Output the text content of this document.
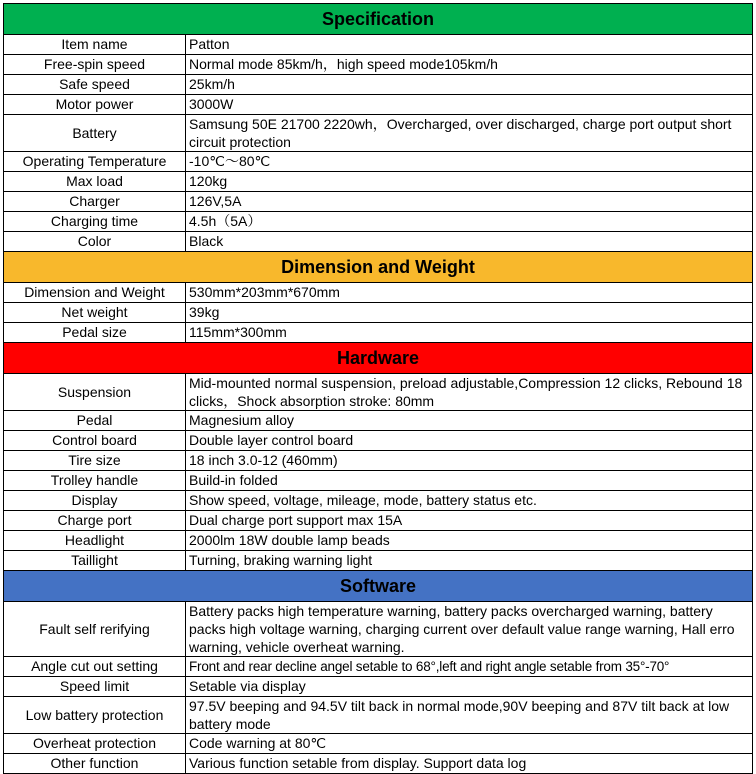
Specification	
Item name	Patton
Free-spin speed	Normal mode 85km/h，high speed mode105km/h
Safe speed	25km/h
Motor power	3000W
Battery	Samsung 50E 21700 2220wh，Overcharged, over discharged, charge port output short circuit protection
Operating Temperature	-10℃～80℃
Max load	120kg
Charger	126V,5A
Charging time	4.5h（5A）
Color	Black
Dimension and Weight	
Dimension and Weight	530mm*203mm*670mm
Net weight	39kg
Pedal size	115mm*300mm
Hardware	
Suspension	Mid-mounted normal suspension, preload adjustable,Compression 12 clicks, Rebound 18 clicks，Shock absorption stroke: 80mm
Pedal	Magnesium alloy
Control board	Double layer control board
Tire size	18 inch 3.0-12 (460mm)
Trolley handle	Build-in folded
Display	Show speed, voltage, mileage, mode, battery status etc.
Charge port	Dual charge port support max 15A
Headlight	2000lm 18W double lamp beads
Taillight	Turning, braking warning light
Software	
Fault self rerifying	Battery packs high temperature warning, battery packs overcharged warning, battery packs high voltage warning, charging current over default value range warning, Hall erro warning, vehicle overheat warning.
Angle cut out setting	Front and rear decline angel setable to 68°,left and right angle setable from 35°-70°
Speed limit	Setable via display
Low battery protection	97.5V beeping and 94.5V tilt back in normal mode,90V beeping and 87V tilt back at low battery mode
Overheat protection	Code warning at 80℃
Other function	Various function setable from display. Support data log
